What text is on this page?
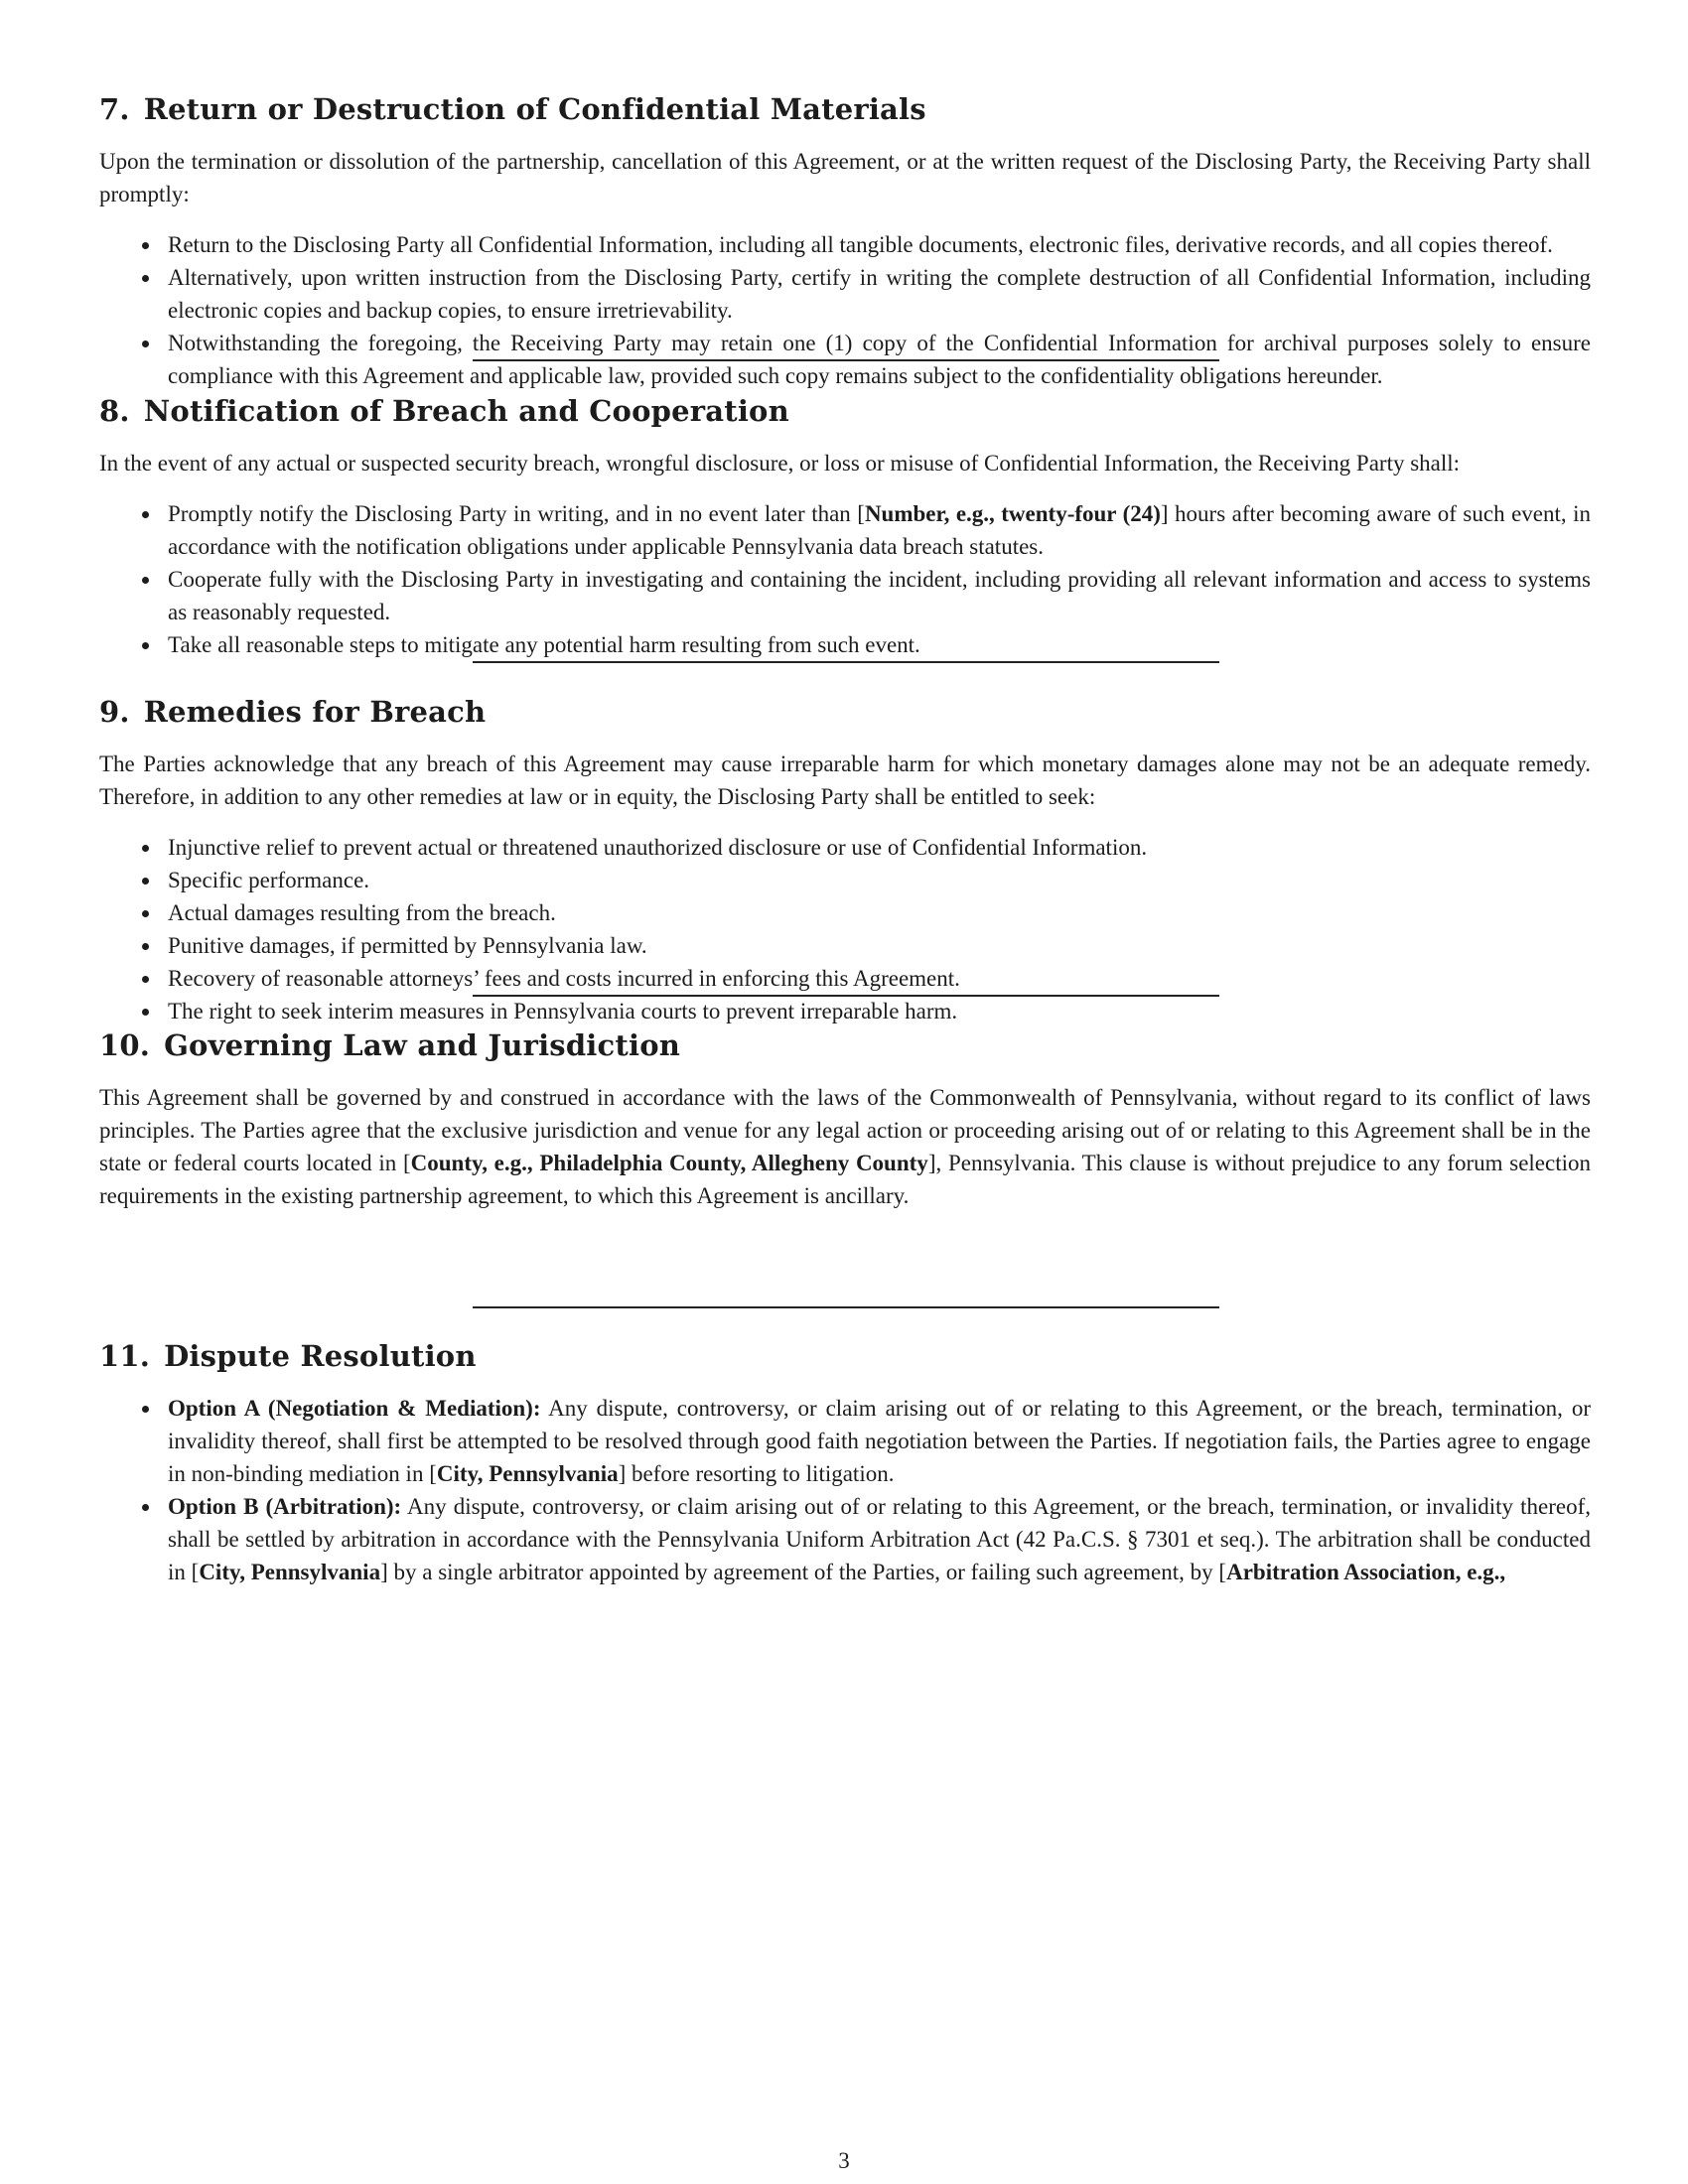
7. Return or Destruction of Confidential Materials

Upon the termination or dissolution of the partnership, cancellation of this Agreement, or at the written request of the Disclosing Party, the Receiving Party shall promptly:

Return to the Disclosing Party all Confidential Information, including all tangible documents, electronic files, derivative records, and all copies thereof.
Alternatively, upon written instruction from the Disclosing Party, certify in writing the complete destruction of all Confidential Information, including electronic copies and backup copies, to ensure irretrievability.
Notwithstanding the foregoing, the Receiving Party may retain one (1) copy of the Confidential Information for archival purposes solely to ensure compliance with this Agreement and applicable law, provided such copy remains subject to the confidentiality obligations hereunder.
8. Notification of Breach and Cooperation

In the event of any actual or suspected security breach, wrongful disclosure, or loss or misuse of Confidential Information, the Receiving Party shall:

Promptly notify the Disclosing Party in writing, and in no event later than [Number, e.g., twenty-four (24)] hours after becoming aware of such event, in accordance with the notification obligations under applicable Pennsylvania data breach statutes.
Cooperate fully with the Disclosing Party in investigating and containing the incident, including providing all relevant information and access to systems as reasonably requested.
Take all reasonable steps to mitigate any potential harm resulting from such event.
9. Remedies for Breach

The Parties acknowledge that any breach of this Agreement may cause irreparable harm for which monetary damages alone may not be an adequate remedy. Therefore, in addition to any other remedies at law or in equity, the Disclosing Party shall be entitled to seek:

Injunctive relief to prevent actual or threatened unauthorized disclosure or use of Confidential Information.
Specific performance.
Actual damages resulting from the breach.
Punitive damages, if permitted by Pennsylvania law.
Recovery of reasonable attorneys’ fees and costs incurred in enforcing this Agreement.
The right to seek interim measures in Pennsylvania courts to prevent irreparable harm.
10. Governing Law and Jurisdiction

This Agreement shall be governed by and construed in accordance with the laws of the Commonwealth of Pennsylvania, without regard to its conflict of laws principles. The Parties agree that the exclusive jurisdiction and venue for any legal action or proceeding arising out of or relating to this Agreement shall be in the state or federal courts located in [County, e.g., Philadelphia County, Allegheny County], Pennsylvania. This clause is without prejudice to any forum selection requirements in the existing partnership agreement, to which this Agreement is ancillary.

11. Dispute Resolution
Option A (Negotiation & Mediation): Any dispute, controversy, or claim arising out of or relating to this Agreement, or the breach, termination, or invalidity thereof, shall first be attempted to be resolved through good faith negotiation between the Parties. If negotiation fails, the Parties agree to engage in non-binding mediation in [City, Pennsylvania] before resorting to litigation.
Option B (Arbitration): Any dispute, controversy, or claim arising out of or relating to this Agreement, or the breach, termination, or invalidity thereof, shall be settled by arbitration in accordance with the Pennsylvania Uniform Arbitration Act (42 Pa.C.S. § 7301 et seq.). The arbitration shall be conducted in [City, Pennsylvania] by a single arbitrator appointed by agreement of the Parties, or failing such agreement, by [Arbitration Association, e.g.,
3
